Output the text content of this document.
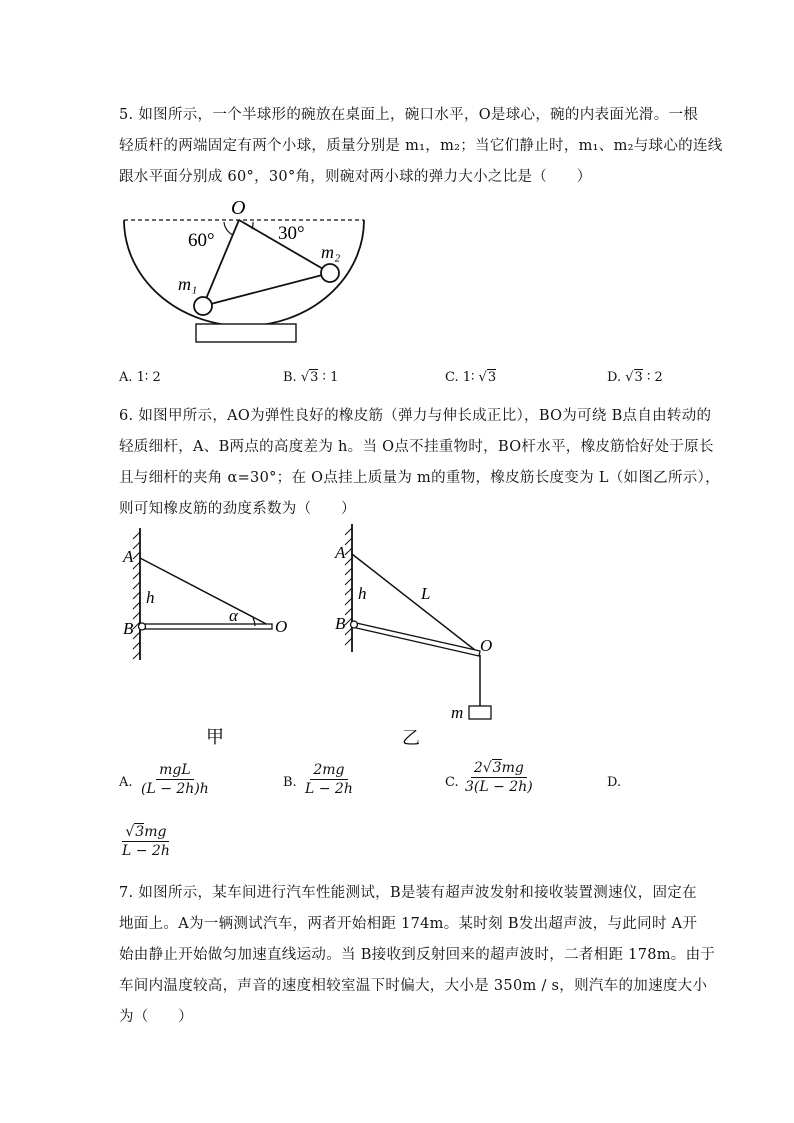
5. 如图所示，一个半球形的碗放在桌面上，碗口水平，O是球心，碗的内表面光滑。一根
轻质杆的两端固定有两个小球，质量分别是 m₁，m₂；当它们静止时，m₁、m₂与球心的连线
跟水平面分别成 60°，30°角，则碗对两小球的弹力大小之比是（　　）
O
60°	30°
m₁
m₂
A. 1∶ 2	B. √3 ∶ 1	C. 1∶ √3	D. √3 ∶ 2
6. 如图甲所示，AO为弹性良好的橡皮筋（弹力与伸长成正比），BO为可绕 B点自由转动的
轻质细杆，A、B两点的高度差为 h。当 O点不挂重物时，BO杆水平，橡皮筋恰好处于原长
且与细杆的夹角 α=30°；在 O点挂上质量为 m的重物，橡皮筋长度变为 L（如图乙所示），
则可知橡皮筋的劲度系数为（　　）
A
h
B
α
O
甲
A
h	L
B
O
m
乙
A.
mgL
(L − 2h)h	B. $\frac{2mg}{L - 2h}$	C. $\frac{2√3mg}{3(L - 2h)}$	D.
$\frac{√3mg}{L - 2h}$
7. 如图所示，某车间进行汽车性能测试，B是装有超声波发射和接收装置测速仪，固定在
地面上。A为一辆测试汽车，两者开始相距 174m。某时刻 B发出超声波，与此同时 A开
始由静止开始做匀加速直线运动。当 B接收到反射回来的超声波时，二者相距 178m。由于
车间内温度较高，声音的速度相较室温下时偏大，大小是 350m / s，则汽车的加速度大小
为（　　）
